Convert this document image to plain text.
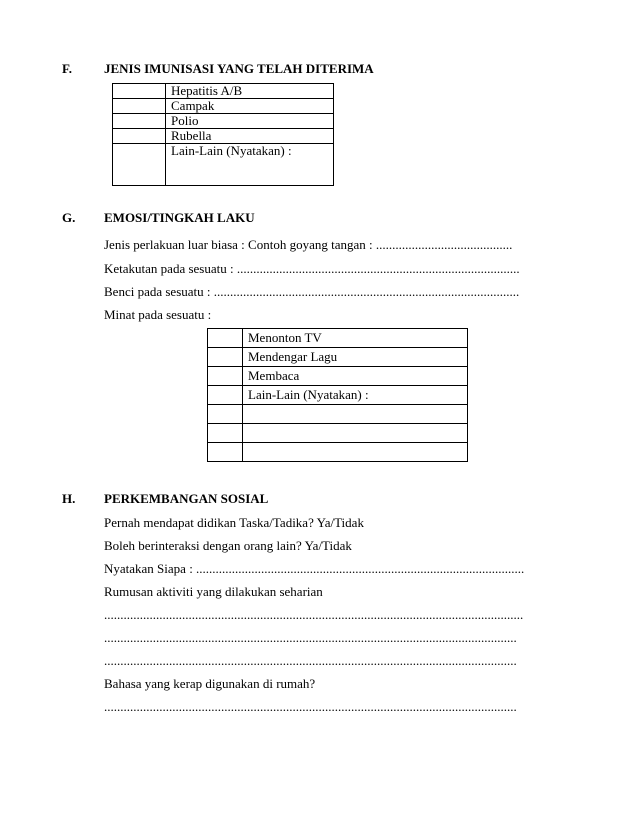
F. JENIS IMUNISASI YANG TELAH DITERIMA
	Hepatitis A/B
	Campak
	Polio
	Rubella
	Lain-Lain (Nyatakan) :
G. EMOSI/TINGKAH LAKU
Jenis perlakuan luar biasa : Contoh goyang tangan : ..........................................
Ketakutan pada sesuatu : .......................................................................................
Benci pada sesuatu : ..............................................................................................
Minat pada sesuatu :
	Menonton TV
	Mendengar Lagu
	Membaca
	Lain-Lain (Nyatakan) :

H. PERKEMBANGAN SOSIAL
Pernah mendapat didikan Taska/Tadika? Ya/Tidak
Boleh berinteraksi dengan orang lain? Ya/Tidak
Nyatakan Siapa : .....................................................................................................
Rumusan aktiviti yang dilakukan seharian
.................................................................................................................................
...............................................................................................................................
...............................................................................................................................
Bahasa yang kerap digunakan di rumah?
...............................................................................................................................
